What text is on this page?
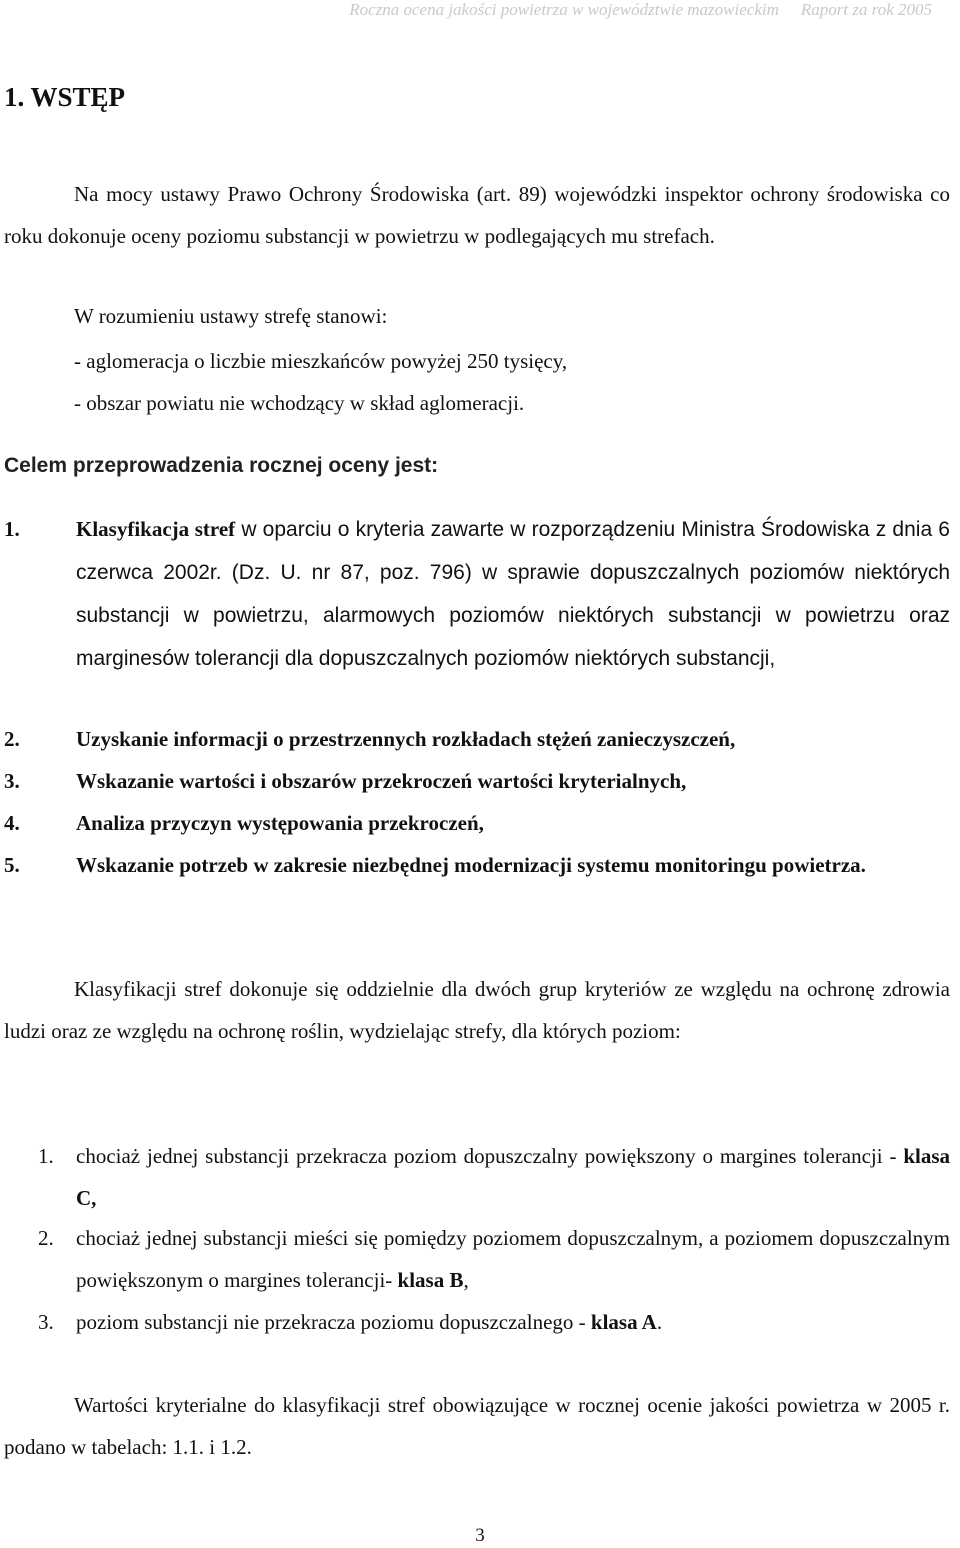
Roczna ocena jakości powietrza w województwie mazowieckim Raport za rok 2005
1. WSTĘP
Na mocy ustawy Prawo Ochrony Środowiska (art. 89) wojewódzki inspektor ochrony środowiska co roku dokonuje oceny poziomu substancji w powietrzu w podlegających mu strefach.
W rozumieniu ustawy strefę stanowi:
- aglomeracja o liczbie mieszkańców powyżej 250 tysięcy,
- obszar powiatu nie wchodzący w skład aglomeracji.
Celem przeprowadzenia rocznej oceny jest:
1.	Klasyfikacja stref w oparciu o kryteria zawarte w rozporządzeniu Ministra Środowiska z dnia 6 czerwca 2002r. (Dz. U. nr 87, poz. 796) w sprawie dopuszczalnych poziomów niektórych substancji w powietrzu, alarmowych poziomów niektórych substancji w powietrzu oraz marginesów tolerancji dla dopuszczalnych poziomów niektórych substancji,
2.	Uzyskanie informacji o przestrzennych rozkładach stężeń zanieczyszczeń,
3.	Wskazanie wartości i obszarów przekroczeń wartości kryterialnych,
4.	Analiza przyczyn występowania przekroczeń,
5.	Wskazanie potrzeb w zakresie niezbędnej modernizacji systemu monitoringu powietrza.
Klasyfikacji stref dokonuje się oddzielnie dla dwóch grup kryteriów ze względu na ochronę zdrowia ludzi oraz ze względu na ochronę roślin, wydzielając strefy, dla których poziom:
1.	chociaż jednej substancji przekracza poziom dopuszczalny powiększony o margines tolerancji - klasa C,
2.	chociaż jednej substancji mieści się pomiędzy poziomem dopuszczalnym, a poziomem dopuszczalnym powiększonym o margines tolerancji- klasa B,
3.	poziom substancji nie przekracza poziomu dopuszczalnego - klasa A.
Wartości kryterialne do klasyfikacji stref obowiązujące w rocznej ocenie jakości powietrza w 2005 r. podano w tabelach: 1.1. i 1.2.
3
